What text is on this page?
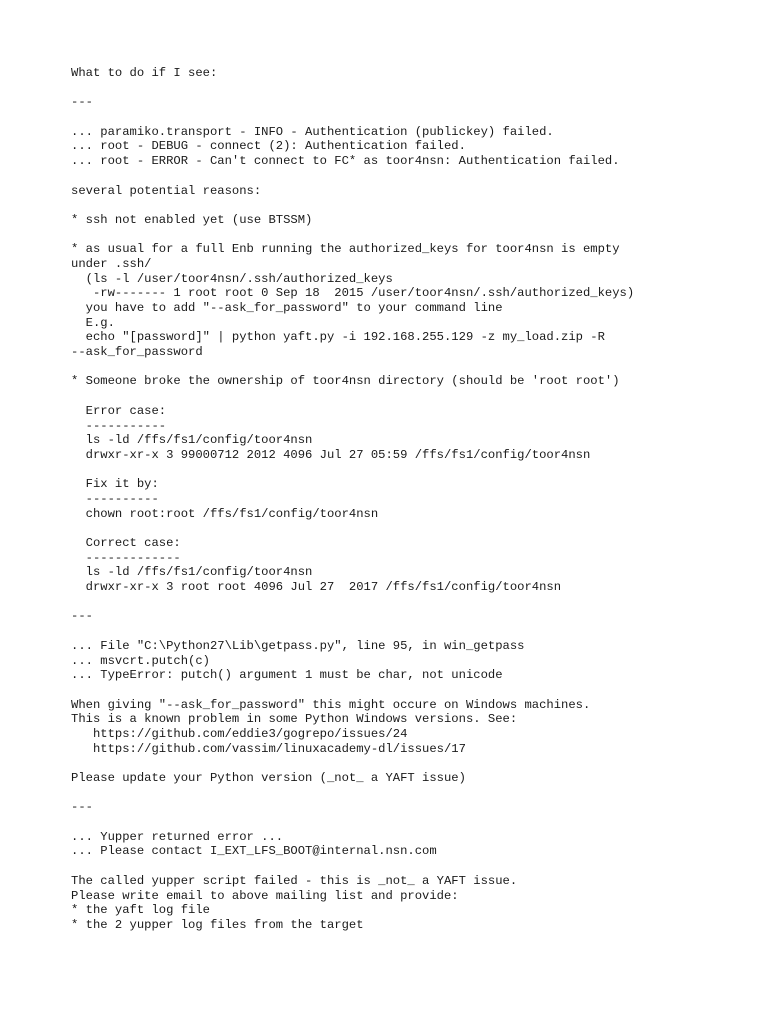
What to do if I see:
---
... paramiko.transport - INFO - Authentication (publickey) failed.
... root - DEBUG - connect (2): Authentication failed.
... root - ERROR - Can't connect to FC* as toor4nsn: Authentication failed.
several potential reasons:
* ssh not enabled yet (use BTSSM)
* as usual for a full Enb running the authorized_keys for toor4nsn is empty
under .ssh/
(ls -l /user/toor4nsn/.ssh/authorized_keys
-rw------- 1 root root 0 Sep 18  2015 /user/toor4nsn/.ssh/authorized_keys)
you have to add "--ask_for_password" to your command line
E.g.
echo "[password]" | python yaft.py -i 192.168.255.129 -z my_load.zip -R
--ask_for_password
* Someone broke the ownership of toor4nsn directory (should be 'root root')
Error case:
-----------
ls -ld /ffs/fs1/config/toor4nsn
drwxr-xr-x 3 99000712 2012 4096 Jul 27 05:59 /ffs/fs1/config/toor4nsn
Fix it by:
----------
chown root:root /ffs/fs1/config/toor4nsn
Correct case:
-------------
ls -ld /ffs/fs1/config/toor4nsn
drwxr-xr-x 3 root root 4096 Jul 27  2017 /ffs/fs1/config/toor4nsn
---
... File "C:\Python27\Lib\getpass.py", line 95, in win_getpass
... msvcrt.putch(c)
... TypeError: putch() argument 1 must be char, not unicode
When giving "--ask_for_password" this might occure on Windows machines.
This is a known problem in some Python Windows versions. See:
https://github.com/eddie3/gogrepo/issues/24
https://github.com/vassim/linuxacademy-dl/issues/17
Please update your Python version (_not_ a YAFT issue)
---
... Yupper returned error ...
... Please contact I_EXT_LFS_BOOT@internal.nsn.com
The called yupper script failed - this is _not_ a YAFT issue.
Please write email to above mailing list and provide:
* the yaft log file
* the 2 yupper log files from the target
